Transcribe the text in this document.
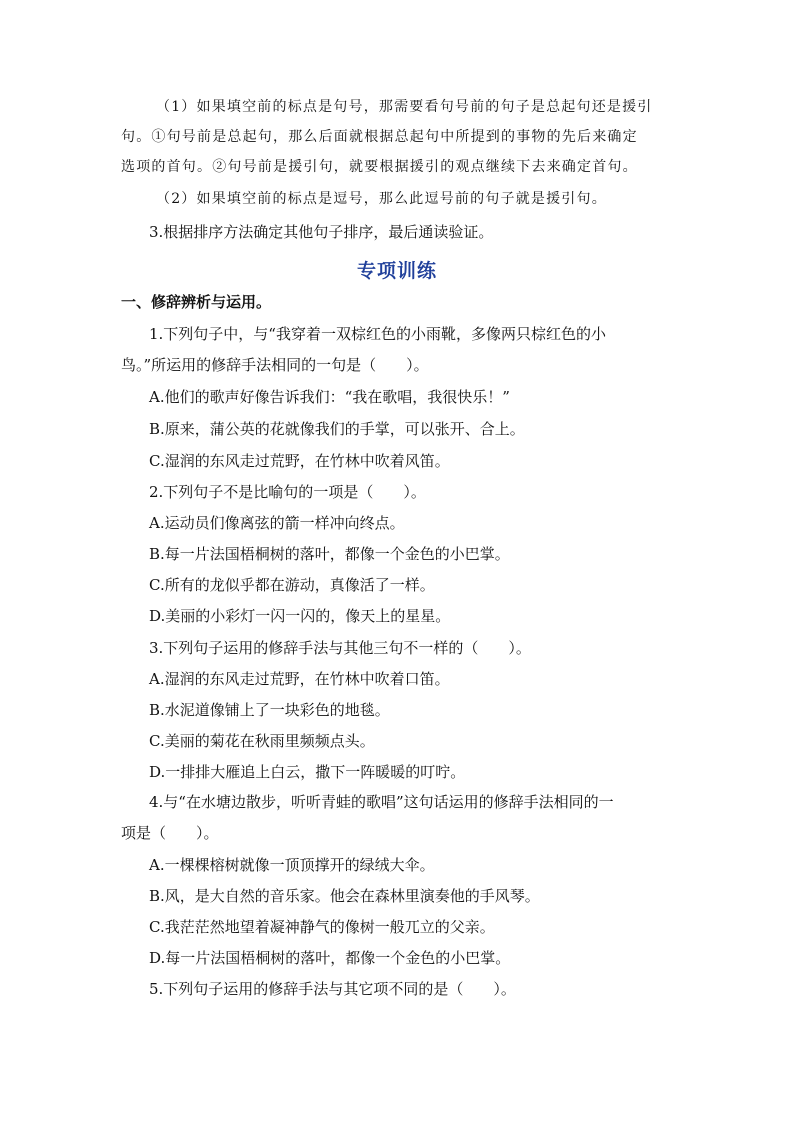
（1）如果填空前的标点是句号，那需要看句号前的句子是总起句还是援引
句。①句号前是总起句，那么后面就根据总起句中所提到的事物的先后来确定
选项的首句。②句号前是援引句，就要根据援引的观点继续下去来确定首句。
（2）如果填空前的标点是逗号，那么此逗号前的句子就是援引句。
3.根据排序方法确定其他句子排序，最后通读验证。
专项训练
一、修辞辨析与运用。
1.下列句子中，与“我穿着一双棕红色的小雨靴，多像两只棕红色的小
鸟。”所运用的修辞手法相同的一句是（　　）。
A.他们的歌声好像告诉我们：“我在歌唱，我很快乐！”
B.原来，蒲公英的花就像我们的手掌，可以张开、合上。
C.湿润的东风走过荒野，在竹林中吹着风笛。
2.下列句子不是比喻句的一项是（　　）。
A.运动员们像离弦的箭一样冲向终点。
B.每一片法国梧桐树的落叶，都像一个金色的小巴掌。
C.所有的龙似乎都在游动，真像活了一样。
D.美丽的小彩灯一闪一闪的，像天上的星星。
3.下列句子运用的修辞手法与其他三句不一样的（　　）。
A.湿润的东风走过荒野，在竹林中吹着口笛。
B.水泥道像铺上了一块彩色的地毯。
C.美丽的菊花在秋雨里频频点头。
D.一排排大雁追上白云，撒下一阵暖暖的叮咛。
4.与“在水塘边散步，听听青蛙的歌唱”这句话运用的修辞手法相同的一
项是（　　）。
A.一棵棵榕树就像一顶顶撑开的绿绒大伞。
B.风，是大自然的音乐家。他会在森林里演奏他的手风琴。
C.我茫茫然地望着凝神静气的像树一般兀立的父亲。
D.每一片法国梧桐树的落叶，都像一个金色的小巴掌。
5.下列句子运用的修辞手法与其它项不同的是（　　）。
